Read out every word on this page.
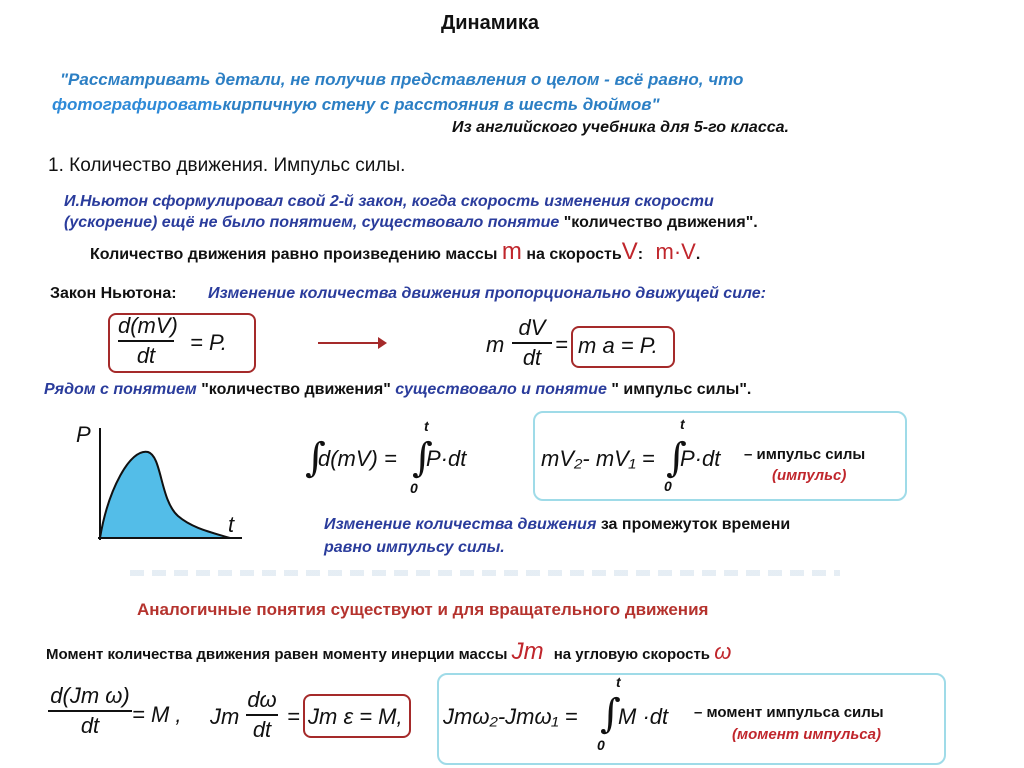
Динамика
"Рассматривать детали, не получив представления о целом - всё равно, что
фотографироватькирпичную стену с расстояния в шесть дюймов"
Из английского учебника для 5-го класса.
1. Количество движения. Импульс силы.
И.Ньютон сформулировал свой 2-й закон, когда скорость изменения скорости
(ускорение) ещё не было понятием, существовало понятие "количество движения".
Количество движения равно произведению массы m на скоростьV: m·V.
Закон Ньютона: Изменение количества движения пропорционально движущей силе:
d(mV)
dt
= P.	m
dV
dt
= m a = P.
Рядом с понятием "количество движения" существовало и понятие " импульс силы".
P
t
∫
d(mV) = ∫
t
0
P·dt	mV₂- mV₁ = ∫
t
0
P·dt – импульс силы
(импульс)
Изменение количества движения за промежуток времени
равно импульсу силы.
Аналогичные понятия существуют и для вращательного движения
Момент количества движения равен моменту инерции массы Jm на угловую скорость ω
d(Jm ω)
dt	= M , Jm
dω
dt
= Jm ε = M, Jmω₂-Jmω₁ = ∫
t
0
M ·dt – момент импульса силы
(момент импульса)
